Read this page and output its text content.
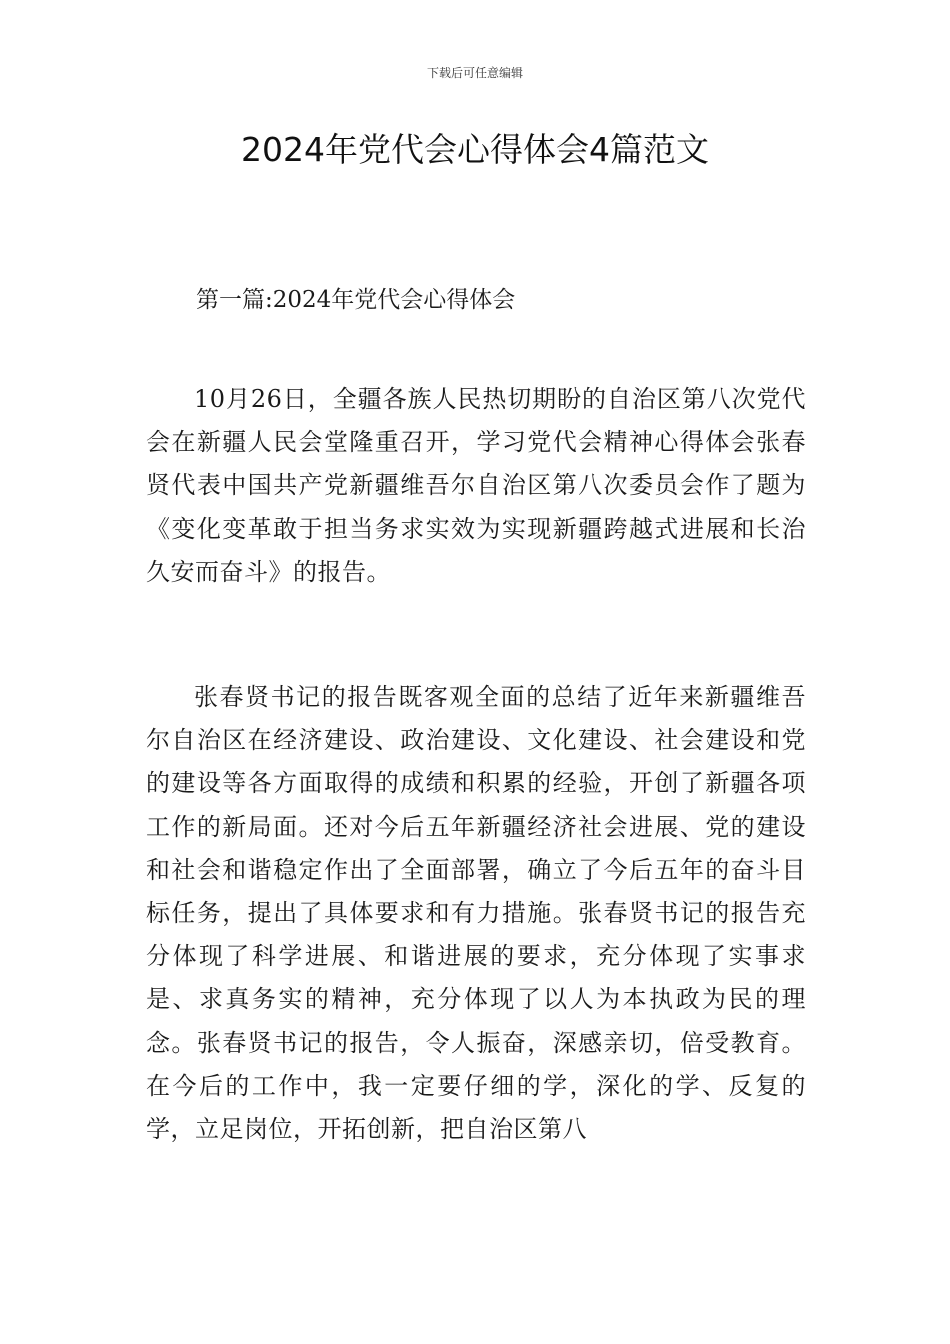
下载后可任意编辑
2024年党代会心得体会4篇范文
第一篇:2024年党代会心得体会

10月26日，全疆各族人民热切期盼的自治区第八次党代会在新疆人民会堂隆重召开，学习党代会精神心得体会张春贤代表中国共产党新疆维吾尔自治区第八次委员会作了题为《变化变革敢于担当务求实效为实现新疆跨越式进展和长治久安而奋斗》的报告。

张春贤书记的报告既客观全面的总结了近年来新疆维吾尔自治区在经济建设、政治建设、文化建设、社会建设和党的建设等各方面取得的成绩和积累的经验，开创了新疆各项工作的新局面。还对今后五年新疆经济社会进展、党的建设和社会和谐稳定作出了全面部署，确立了今后五年的奋斗目标任务，提出了具体要求和有力措施。张春贤书记的报告充分体现了科学进展、和谐进展的要求，充分体现了实事求是、求真务实的精神，充分体现了以人为本执政为民的理念。张春贤书记的报告，令人振奋，深感亲切，倍受教育。在今后的工作中，我一定要仔细的学，深化的学、反复的学，立足岗位，开拓创新，把自治区第八
